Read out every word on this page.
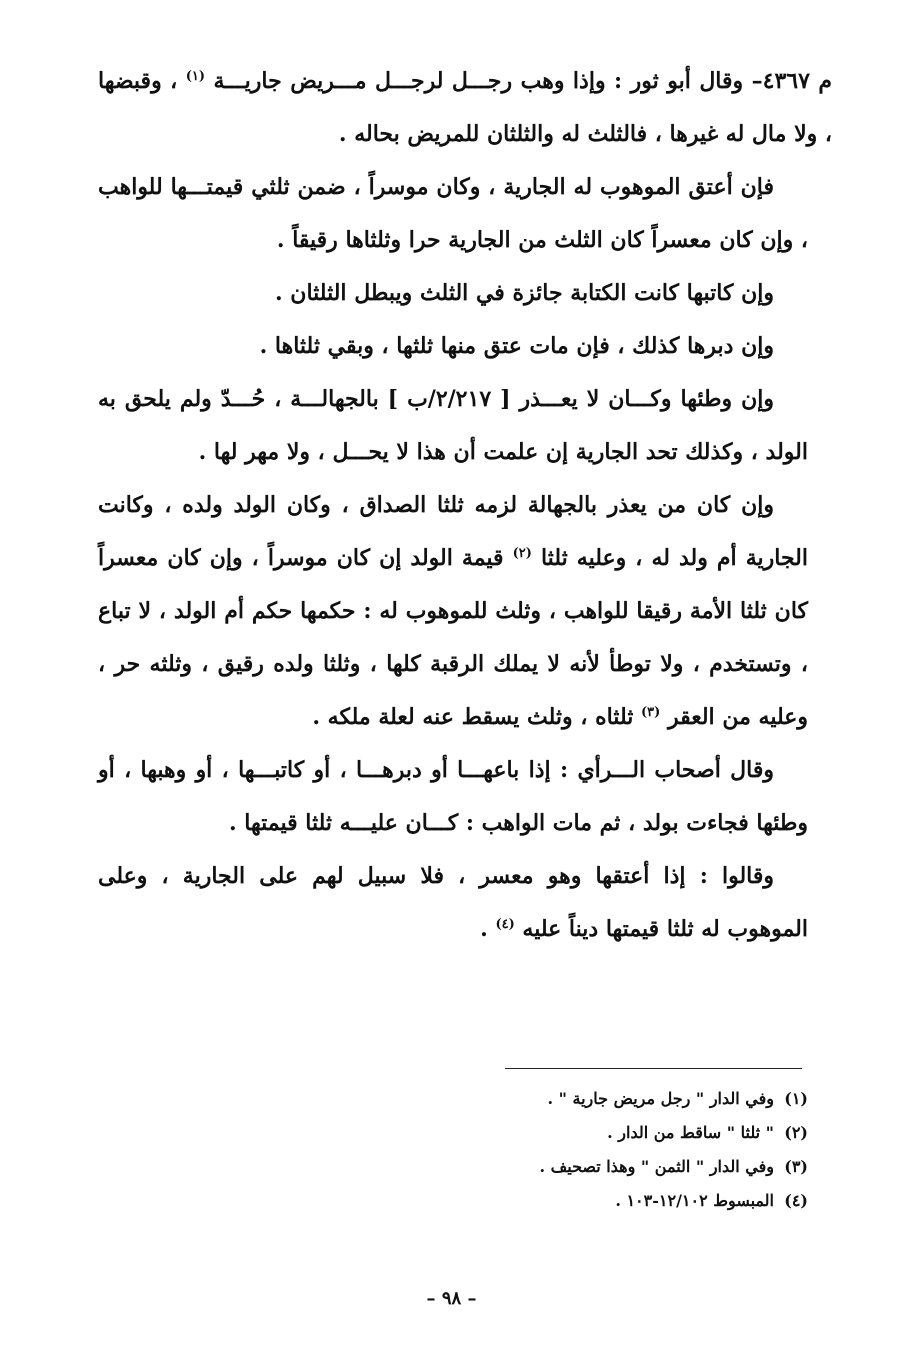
م ٤٣٦٧– وقال أبو ثور : وإذا وهب رجـــل لرجـــل مـــريض جاريـــة $^{(١)}$ ، وقبضها ، ولا مال له غيرها ، فالثلث له والثلثان للمريض بحاله .

فإن أعتق الموهوب له الجارية ، وكان موسراً ، ضمن ثلثي قيمتـــها للواهب ، وإن كان معسراً كان الثلث من الجارية حرا وثلثاها رقيقاً .

وإن كاتبها كانت الكتابة جائزة في الثلث ويبطل الثلثان .

وإن دبرها كذلك ، فإن مات عتق منها ثلثها ، وبقي ثلثاها .

وإن وطئها وكـــان لا يعـــذر [ ٢/٢١٧/ب ] بالجهالـــة ، حُـــدّ ولم يلحق به الولد ، وكذلك تحد الجارية إن علمت أن هذا لا يحـــل ، ولا مهر لها .

وإن كان من يعذر بالجهالة لزمه ثلثا الصداق ، وكان الولد ولده ، وكانت الجارية أم ولد له ، وعليه ثلثا $^{(٢)}$ قيمة الولد إن كان موسراً ، وإن كان معسراً كان ثلثا الأمة رقيقا للواهب ، وثلث للموهوب له : حكمها حكم أم الولد ، لا تباع ، وتستخدم ، ولا توطأ لأنه لا يملك الرقبة كلها ، وثلثا ولده رقيق ، وثلثه حر ، وعليه من العقر $^{(٣)}$ ثلثاه ، وثلث يسقط عنه لعلة ملكه .

وقال أصحاب الـــرأي : إذا باعهـــا أو دبرهـــا ، أو كاتبـــها ، أو وهبها ، أو وطئها فجاءت بولد ، ثم مات الواهب : كـــان عليـــه ثلثا قيمتها .

وقالوا : إذا أعتقها وهو معسر ، فلا سبيل لهم على الجارية ، وعلى الموهوب له ثلثا قيمتها ديناً عليه $^{(٤)}$ .

(١)وفي الدار " رجل مريض جارية " .

(٢)" ثلثا " ساقط من الدار .

(٣)وفي الدار " الثمن " وهذا تصحيف .

(٤)المبسوط ١٢/١٠٢-١٠٣ .

– ٩٨ –
